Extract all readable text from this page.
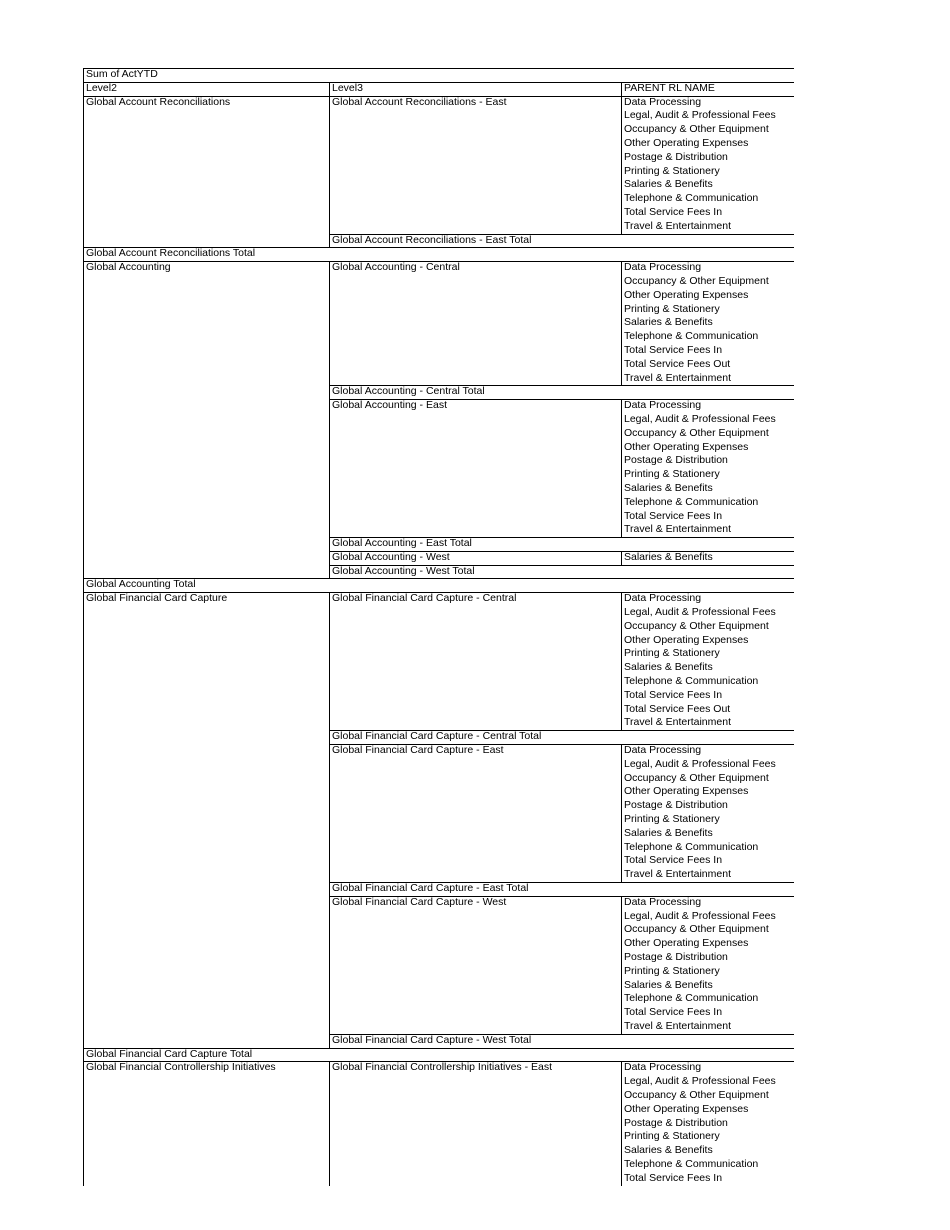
Sum of ActYTD
Level2	Level3	PARENT RL NAME
Global Account Reconciliations	Global Account Reconciliations - East	Data Processing
Legal, Audit & Professional Fees
Occupancy & Other Equipment
Other Operating Expenses
Postage & Distribution
Printing & Stationery
Salaries & Benefits
Telephone & Communication
Total Service Fees In
Travel & Entertainment
Global Account Reconciliations - East Total
Global Account Reconciliations Total
Global Accounting	Global Accounting - Central	Data Processing
Occupancy & Other Equipment
Other Operating Expenses
Printing & Stationery
Salaries & Benefits
Telephone & Communication
Total Service Fees In
Total Service Fees Out
Travel & Entertainment
Global Accounting - Central Total
Global Accounting - East	Data Processing
Legal, Audit & Professional Fees
Occupancy & Other Equipment
Other Operating Expenses
Postage & Distribution
Printing & Stationery
Salaries & Benefits
Telephone & Communication
Total Service Fees In
Travel & Entertainment
Global Accounting - East Total
Global Accounting - West	Salaries & Benefits
Global Accounting - West Total
Global Accounting Total
Global Financial Card Capture	Global Financial Card Capture - Central	Data Processing
Legal, Audit & Professional Fees
Occupancy & Other Equipment
Other Operating Expenses
Printing & Stationery
Salaries & Benefits
Telephone & Communication
Total Service Fees In
Total Service Fees Out
Travel & Entertainment
Global Financial Card Capture - Central Total
Global Financial Card Capture - East	Data Processing
Legal, Audit & Professional Fees
Occupancy & Other Equipment
Other Operating Expenses
Postage & Distribution
Printing & Stationery
Salaries & Benefits
Telephone & Communication
Total Service Fees In
Travel & Entertainment
Global Financial Card Capture - East Total
Global Financial Card Capture - West	Data Processing
Legal, Audit & Professional Fees
Occupancy & Other Equipment
Other Operating Expenses
Postage & Distribution
Printing & Stationery
Salaries & Benefits
Telephone & Communication
Total Service Fees In
Travel & Entertainment
Global Financial Card Capture - West Total
Global Financial Card Capture Total
Global Financial Controllership Initiatives	Global Financial Controllership Initiatives - East	Data Processing
Legal, Audit & Professional Fees
Occupancy & Other Equipment
Other Operating Expenses
Postage & Distribution
Printing & Stationery
Salaries & Benefits
Telephone & Communication
Total Service Fees In
